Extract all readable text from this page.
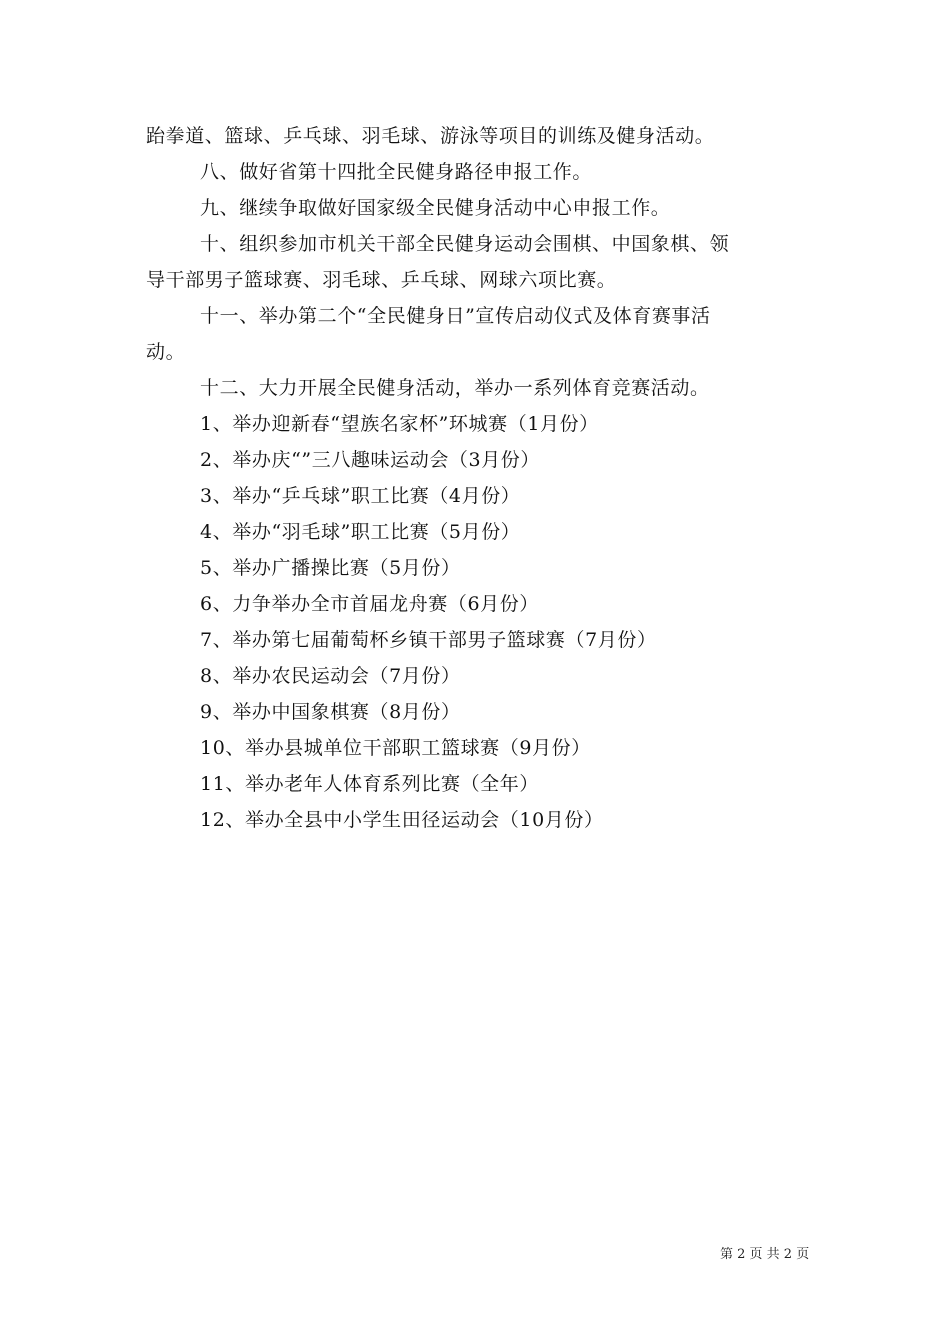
跆拳道、篮球、乒乓球、羽毛球、游泳等项目的训练及健身活动。
八、做好省第十四批全民健身路径申报工作。
九、继续争取做好国家级全民健身活动中心申报工作。
十、组织参加市机关干部全民健身运动会围棋、中国象棋、领
导干部男子篮球赛、羽毛球、乒乓球、网球六项比赛。
十一、举办第二个“全民健身日”宣传启动仪式及体育赛事活
动。
十二、大力开展全民健身活动，举办一系列体育竞赛活动。
1、举办迎新春“望族名家杯”环城赛（1月份）
2、举办庆“”三八趣味运动会（3月份）
3、举办“乒乓球”职工比赛（4月份）
4、举办“羽毛球”职工比赛（5月份）
5、举办广播操比赛（5月份）
6、力争举办全市首届龙舟赛（6月份）
7、举办第七届葡萄杯乡镇干部男子篮球赛（7月份）
8、举办农民运动会（7月份）
9、举办中国象棋赛（8月份）
10、举办县城单位干部职工篮球赛（9月份）
11、举办老年人体育系列比赛（全年）
12、举办全县中小学生田径运动会（10月份）
第 2 页 共 2 页
